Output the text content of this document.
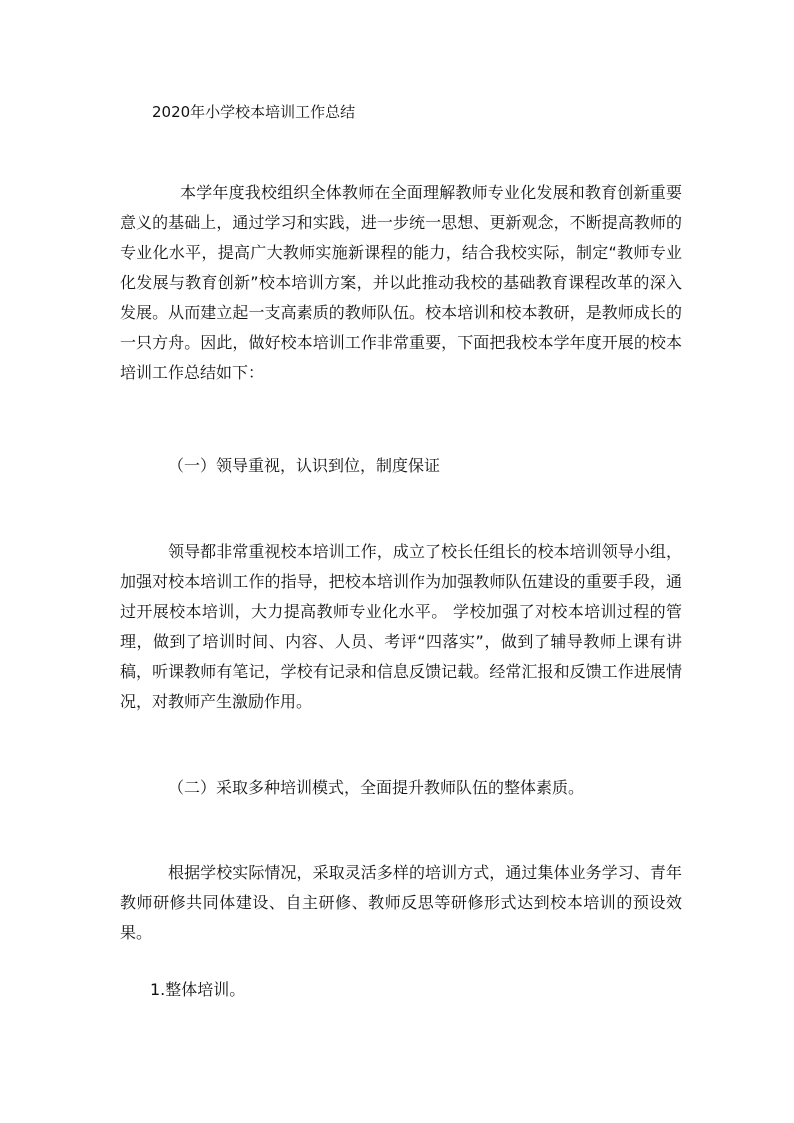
2020年小学校本培训工作总结

本学年度我校组织全体教师在全面理解教师专业化发展和教育创新重要意义的基础上，通过学习和实践，进一步统一思想、更新观念，不断提高教师的专业化水平，提高广大教师实施新课程的能力，结合我校实际，制定“教师专业化发展与教育创新”校本培训方案，并以此推动我校的基础教育课程改革的深入发展。从而建立起一支高素质的教师队伍。校本培训和校本教研，是教师成长的一只方舟。因此，做好校本培训工作非常重要，下面把我校本学年度开展的校本培训工作总结如下：

（一）领导重视，认识到位，制度保证

领导都非常重视校本培训工作，成立了校长任组长的校本培训领导小组，加强对校本培训工作的指导，把校本培训作为加强教师队伍建设的重要手段，通过开展校本培训，大力提高教师专业化水平。 学校加强了对校本培训过程的管理，做到了培训时间、内容、人员、考评“四落实”，做到了辅导教师上课有讲稿，听课教师有笔记，学校有记录和信息反馈记载。经常汇报和反馈工作进展情况，对教师产生激励作用。

（二）采取多种培训模式，全面提升教师队伍的整体素质。

根据学校实际情况，采取灵活多样的培训方式，通过集体业务学习、青年教师研修共同体建设、自主研修、教师反思等研修形式达到校本培训的预设效果。

1.整体培训。
